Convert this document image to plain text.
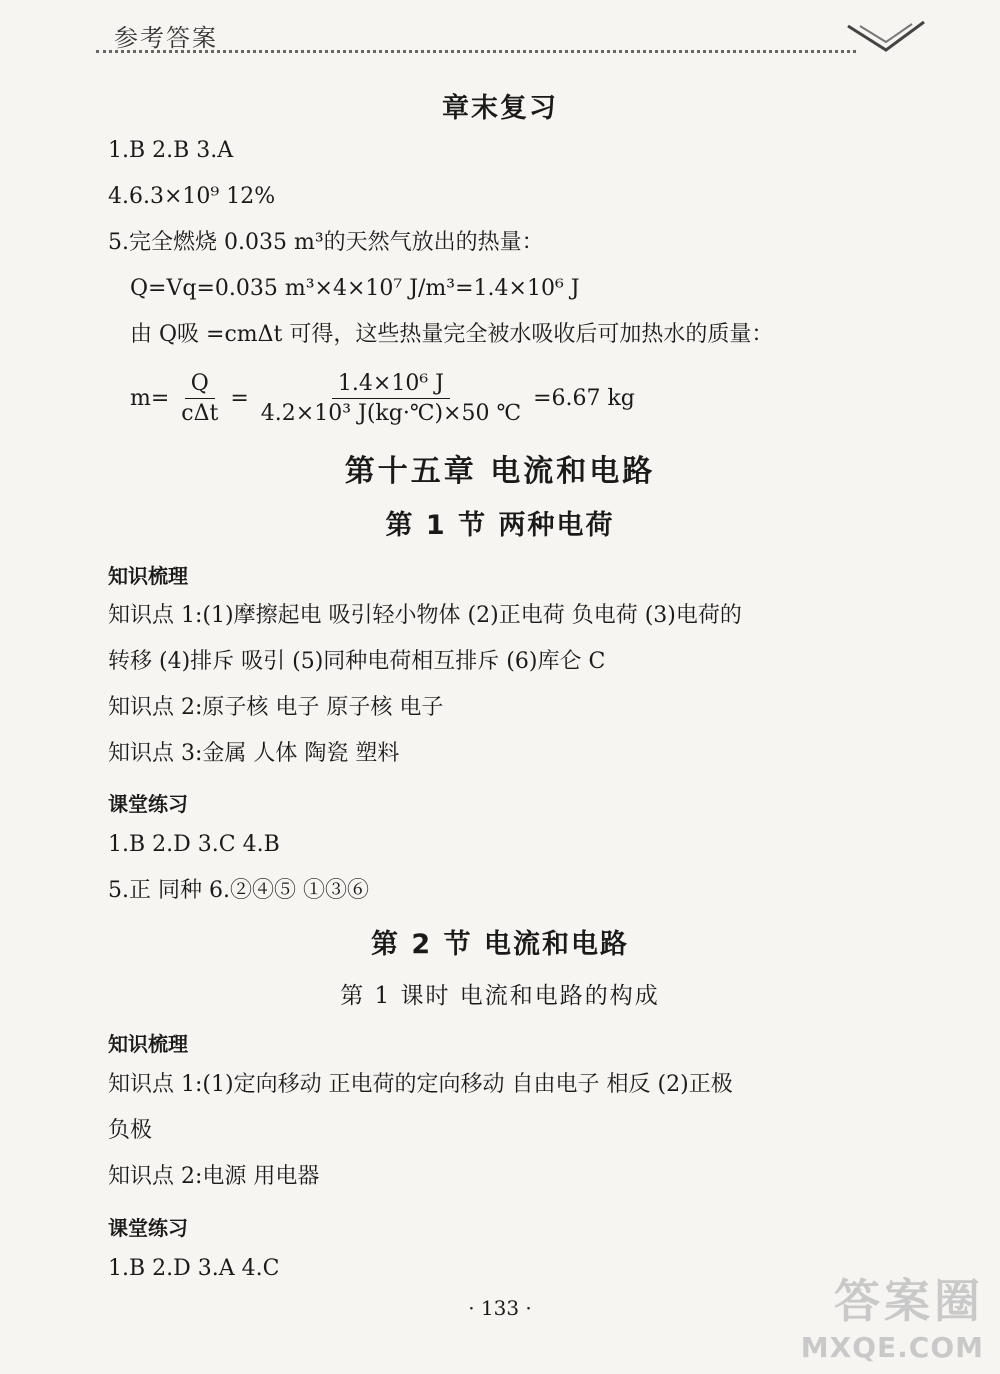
参考答案
章末复习
1.B 2.B 3.A
4.6.3×10⁹ 12%
5.完全燃烧 0.035 m³的天然气放出的热量：
Q=Vq=0.035 m³×4×10⁷ J/m³=1.4×10⁶ J
由 Q吸 =cmΔt 可得，这些热量完全被水吸收后可加热水的质量：
$m= \frac{Q}{\text{cΔt}} = \frac{\text{1.4×10⁶ J}}{\text{4.2×10³ J(kg·℃)×50 ℃}} =6.67$ kg
第十五章 电流和电路
第 1 节 两种电荷
知识梳理
知识点 1:(1)摩擦起电 吸引轻小物体 (2)正电荷 负电荷 (3)电荷的
转移 (4)排斥 吸引 (5)同种电荷相互排斥 (6)库仑 C
知识点 2:原子核 电子 原子核 电子
知识点 3:金属 人体 陶瓷 塑料
课堂练习
1.B 2.D 3.C 4.B
5.正 同种 6.②④⑤ ①③⑥
第 2 节 电流和电路
第 1 课时 电流和电路的构成
知识梳理
知识点 1:(1)定向移动 正电荷的定向移动 自由电子 相反 (2)正极
负极
知识点 2:电源 用电器
课堂练习
1.B 2.D 3.A 4.C
· 133 ·	答案圈
MXQE.COM
